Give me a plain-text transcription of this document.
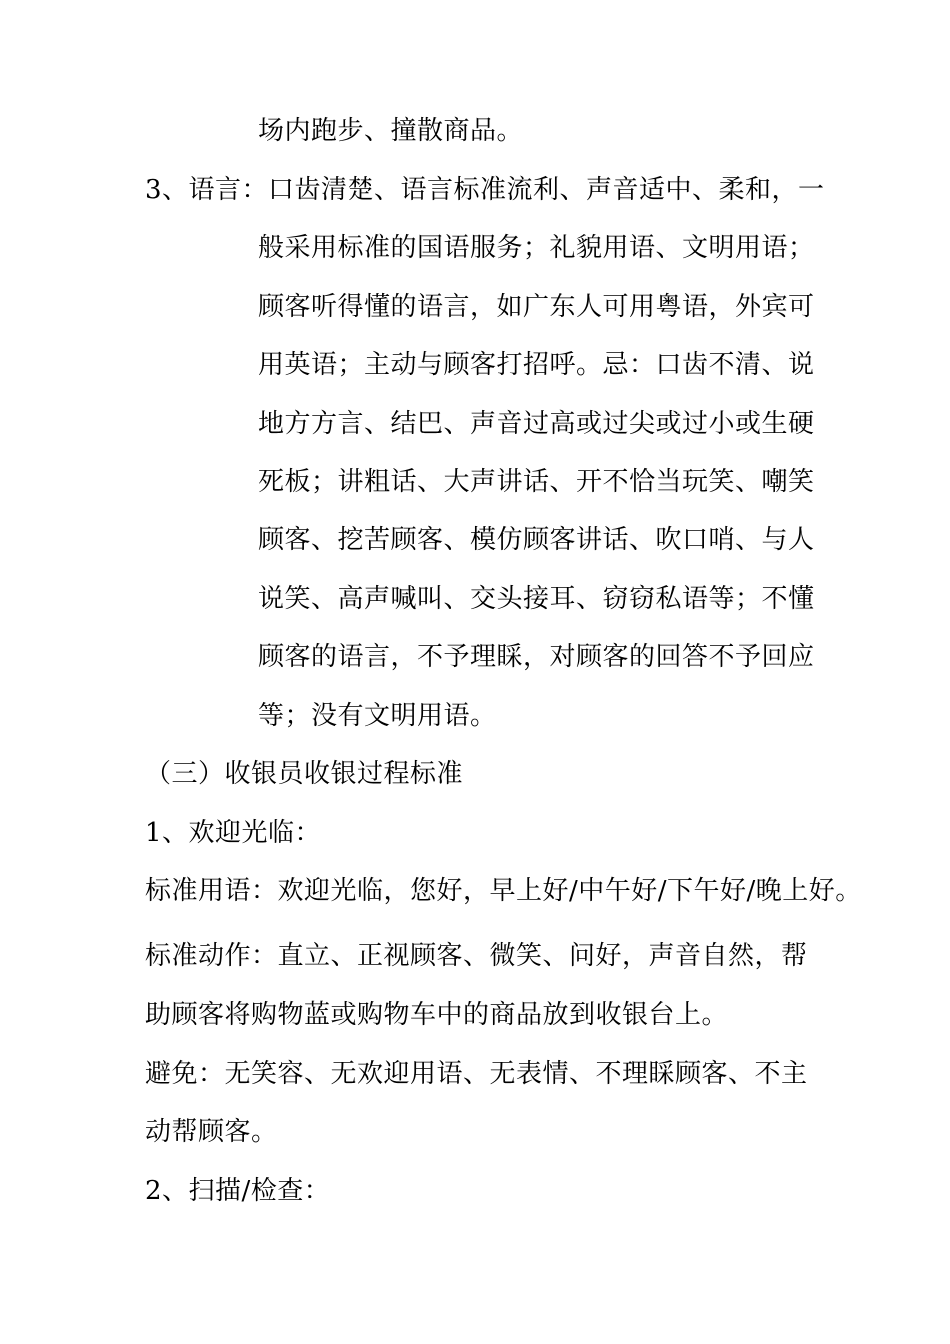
场内跑步、撞散商品。
3、语言：口齿清楚、语言标准流利、声音适中、柔和，一
般采用标准的国语服务；礼貌用语、文明用语；
顾客听得懂的语言，如广东人可用粤语，外宾可
用英语；主动与顾客打招呼。忌：口齿不清、说
地方方言、结巴、声音过高或过尖或过小或生硬
死板；讲粗话、大声讲话、开不恰当玩笑、嘲笑
顾客、挖苦顾客、模仿顾客讲话、吹口哨、与人
说笑、高声喊叫、交头接耳、窃窃私语等；不懂
顾客的语言，不予理睬，对顾客的回答不予回应
等；没有文明用语。
（三）收银员收银过程标准
1、欢迎光临：
标准用语：欢迎光临，您好，早上好/中午好/下午好/晚上好。
标准动作：直立、正视顾客、微笑、问好，声音自然，帮
助顾客将购物蓝或购物车中的商品放到收银台上。
避免：无笑容、无欢迎用语、无表情、不理睬顾客、不主
动帮顾客。
2、扫描/检查：
